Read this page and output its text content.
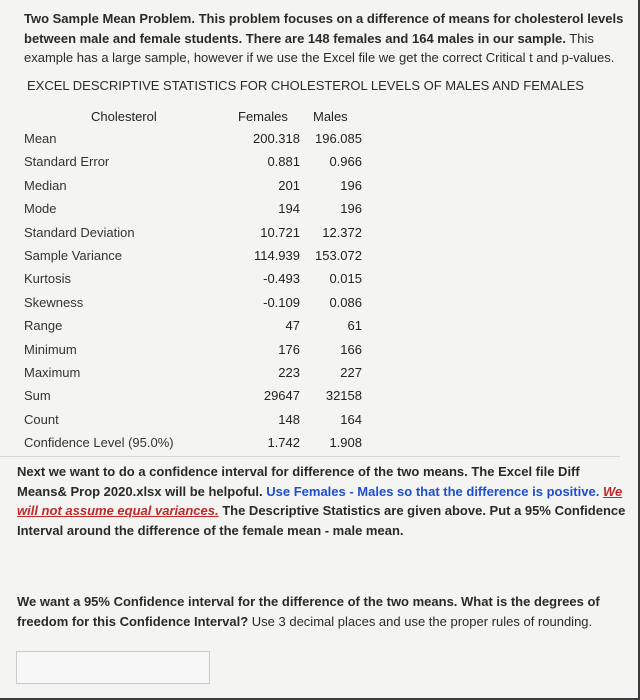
Two Sample Mean Problem. This problem focuses on a difference of means for cholesterol levels between male and female students. There are 148 females and 164 males in our sample. This example has a large sample, however if we use the Excel file we get the correct Critical t and p-values.
EXCEL DESCRIPTIVE STATISTICS FOR CHOLESTEROL LEVELS OF MALES AND FEMALES
Cholesterol	Females Males
Mean	200.318 196.085
Standard Error	0.881 0.966
Median	201	196
Mode	194	196
Standard Deviation	10.721 12.372
Sample Variance	114.939 153.072
Kurtosis	-0.493 0.015
Skewness	-0.109 0.086
Range	47	61
Minimum	176	166
Maximum	223	227
Sum	29647 32158
Count	148	164
Confidence Level (95.0%)	1.742 1.908
Next we want to do a confidence interval for difference of the two means. The Excel file Diff Means& Prop 2020.xlsx will be helpoful. Use Females - Males so that the difference is positive. We will not assume equal variances. The Descriptive Statistics are given above. Put a 95% Confidence Interval around the difference of the female mean - male mean.
We want a 95% Confidence interval for the difference of the two means. What is the degrees of freedom for this Confidence Interval? Use 3 decimal places and use the proper rules of rounding.
